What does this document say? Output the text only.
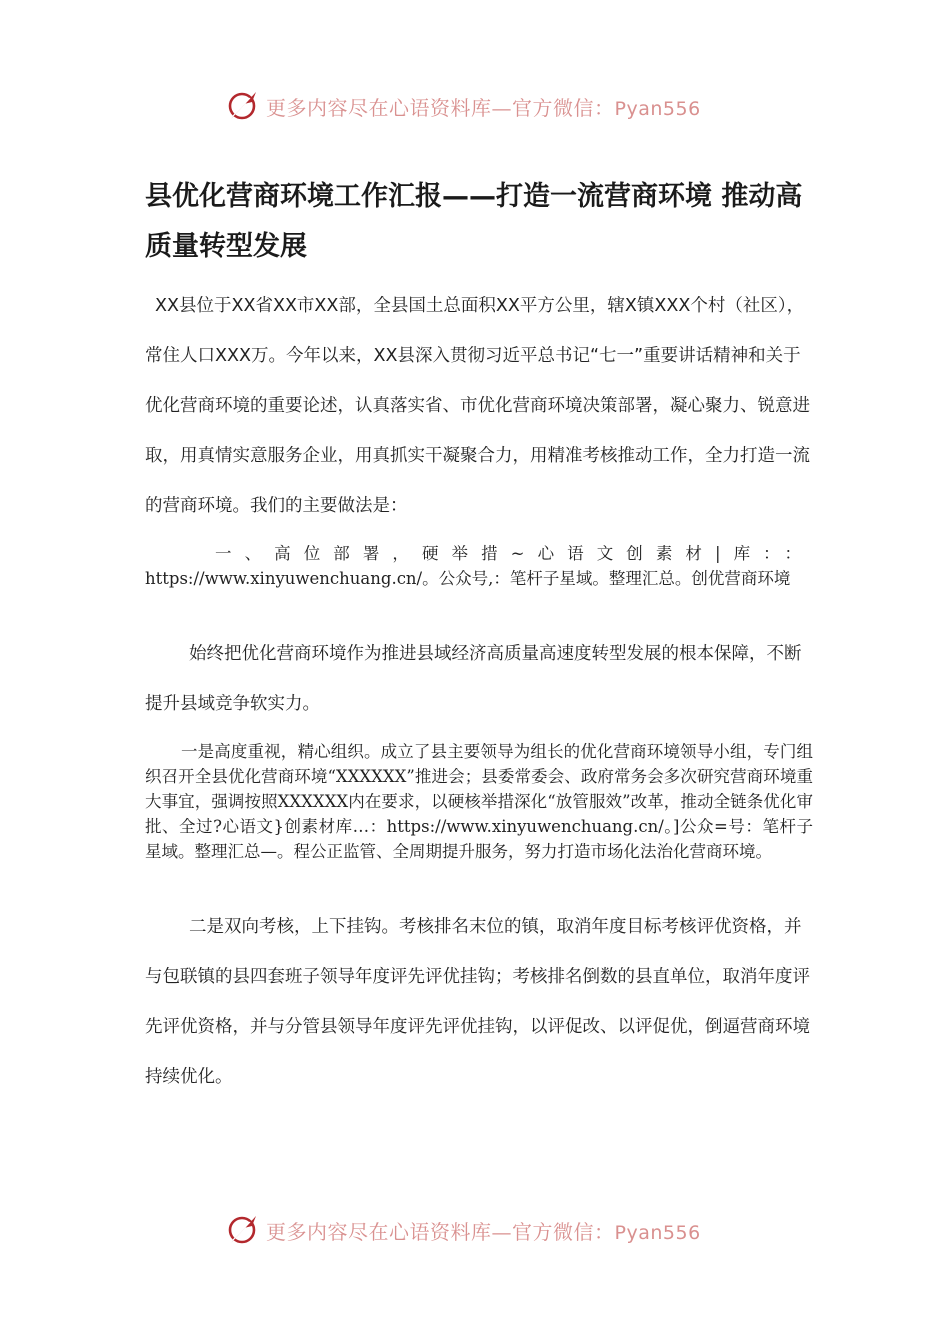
更多内容尽在心语资料库—官方微信：Pyan556
县优化营商环境工作汇报——打造一流营商环境 推动高质量转型发展

XX县位于XX省XX市XX部，全县国土总面积XX平方公里，辖X镇XXX个村（社区），常住人口XXX万。今年以来，XX县深入贯彻习近平总书记“七一”重要讲话精神和关于优化营商环境的重要论述，认真落实省、市优化营商环境决策部署，凝心聚力、锐意进取，用真情实意服务企业，用真抓实干凝聚合力，用精准考核推动工作，全力打造一流的营商环境。我们的主要做法是：

一、高位部署，硬举措~心语文创素材|库：：https://www.xinyuwenchuang.cn/。公众号,：笔杆子星域。整理汇总。创优营商环境

始终把优化营商环境作为推进县域经济高质量高速度转型发展的根本保障，不断提升县域竞争软实力。

一是高度重视，精心组织。成立了县主要领导为组长的优化营商环境领导小组，专门组织召开全县优化营商环境“XXXXXX”推进会；县委常委会、政府常务会多次研究营商环境重大事宜，强调按照XXXXXX内在要求，以硬核举措深化“放管服效”改革，推动全链条优化审批、全过?心语文}创素材库…：https://www.xinyuwenchuang.cn/。]公众=号：笔杆子星域。整理汇总—。程公正监管、全周期提升服务，努力打造市场化法治化营商环境。

二是双向考核，上下挂钩。考核排名末位的镇，取消年度目标考核评优资格，并与包联镇的县四套班子领导年度评先评优挂钩；考核排名倒数的县直单位，取消年度评先评优资格，并与分管县领导年度评先评优挂钩，以评促改、以评促优，倒逼营商环境持续优化。

更多内容尽在心语资料库—官方微信：Pyan556
